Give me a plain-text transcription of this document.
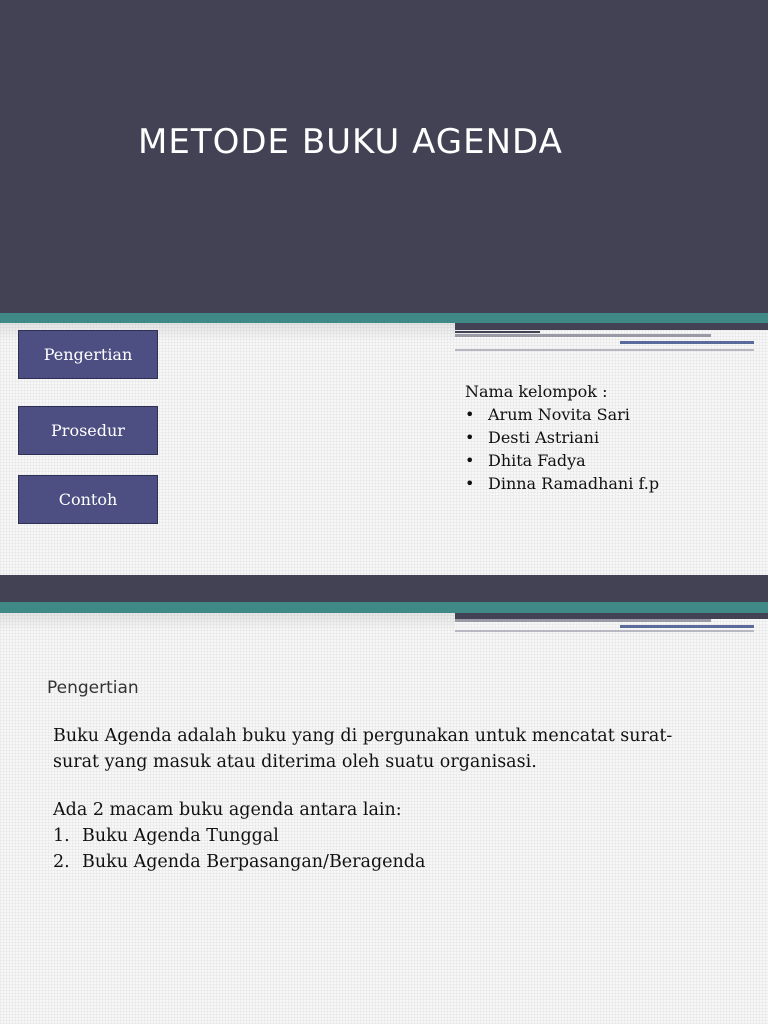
METODE BUKU AGENDA
Pengertian
Prosedur
Contoh
Nama kelompok :
• Arum Novita Sari
• Desti Astriani
• Dhita Fadya
• Dinna Ramadhani f.p
Pengertian

Buku Agenda adalah buku yang di pergunakan untuk mencatat surat-

surat yang masuk atau diterima oleh suatu organisasi.

Ada 2 macam buku agenda antara lain:

1. Buku Agenda Tunggal
2. Buku Agenda Berpasangan/Beragenda
